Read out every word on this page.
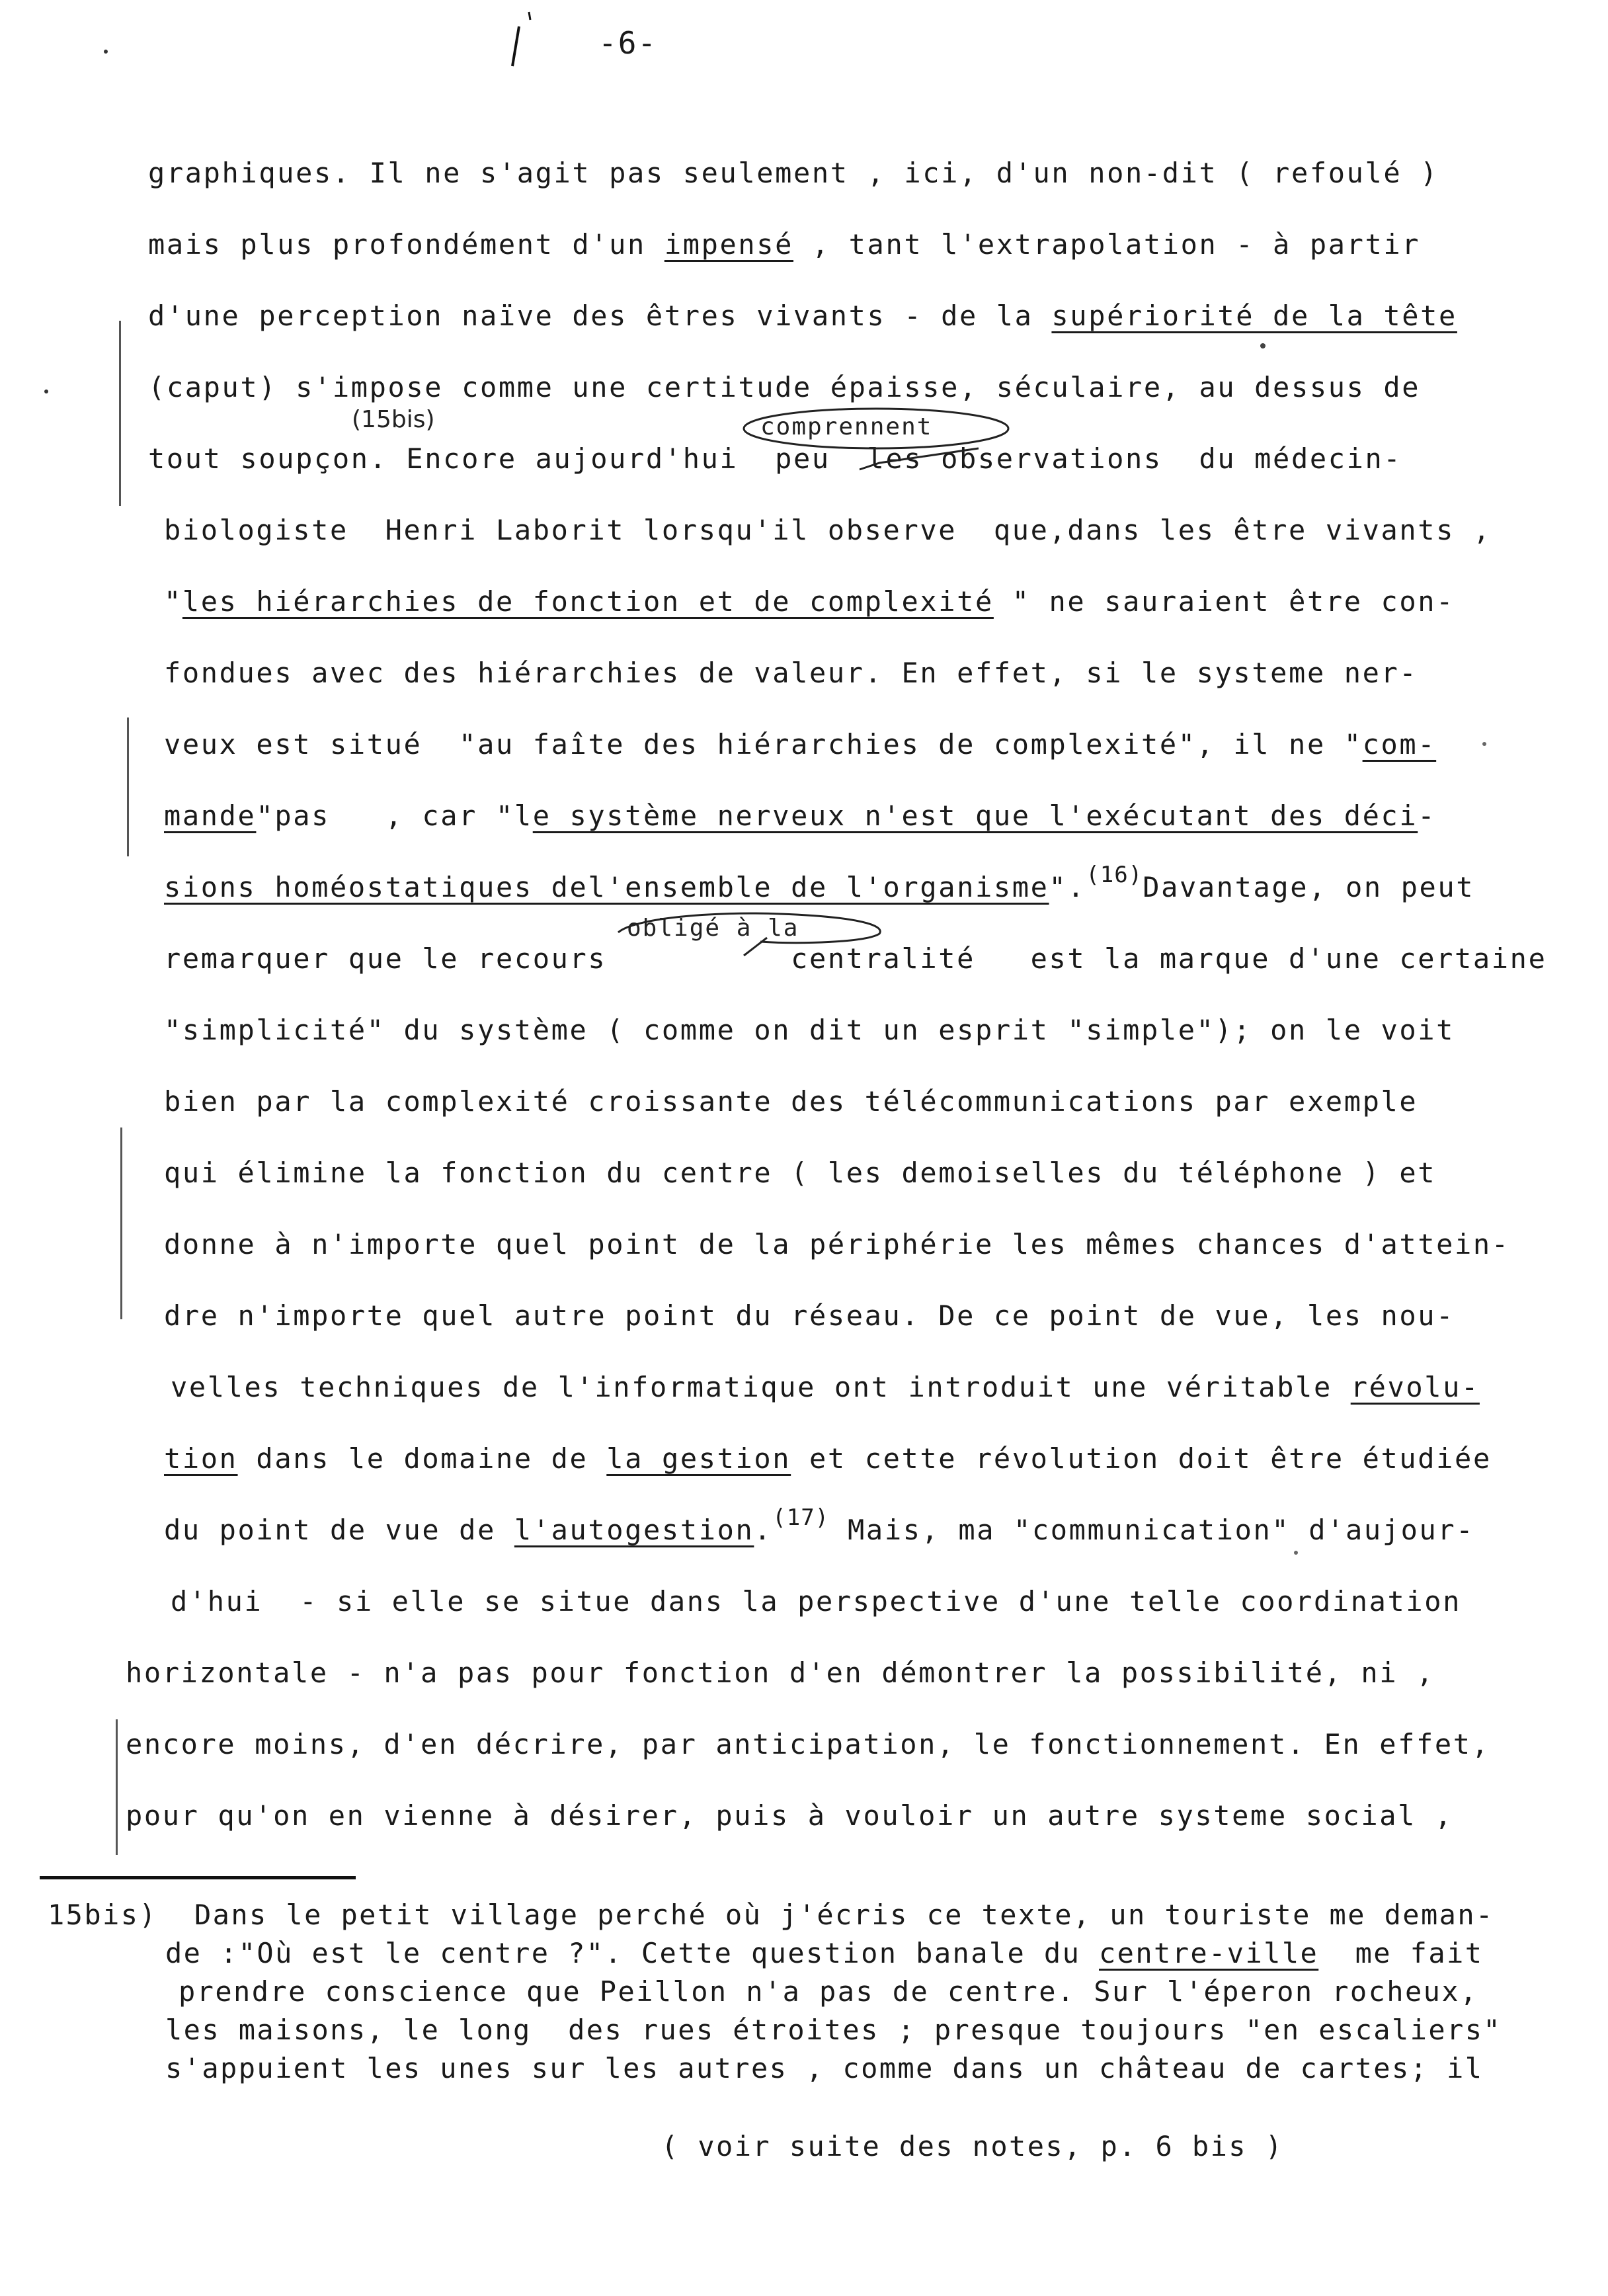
-6-
graphiques. Il ne s'agit pas seulement , ici, d'un non-dit ( refoulé )
mais plus profondément d'un impensé , tant l'extrapolation - à partir
d'une perception naïve des êtres vivants - de la supériorité de la tête
(caput) s'impose comme une certitude épaisse, séculaire, au dessus de
tout soupçon. Encore aujourd'hui  peu  les observations  du médecin-
biologiste  Henri Laborit lorsqu'il observe  que,dans les être vivants ,
"les hiérarchies de fonction et de complexité " ne sauraient être con-
fondues avec des hiérarchies de valeur. En effet, si le systeme ner-
veux est situé  "au faîte des hiérarchies de complexité", il ne "com-
mande"pas   , car "le système nerveux n'est que l'exécutant des déci-
sions homéostatiques del'ensemble de l'organisme".$^{(16)}$Davantage, on peut
remarquer que le recours          centralité   est la marque d'une certaine
"simplicité" du système ( comme on dit un esprit "simple"); on le voit
bien par la complexité croissante des télécommunications par exemple
qui élimine la fonction du centre ( les demoiselles du téléphone ) et
donne à n'importe quel point de la périphérie les mêmes chances d'attein-
dre n'importe quel autre point du réseau. De ce point de vue, les nou-
velles techniques de l'informatique ont introduit une véritable révolu-
tion dans le domaine de la gestion et cette révolution doit être étudiée
du point de vue de l'autogestion.$^{(17)}$ Mais, ma "communication" d'aujour-
d'hui  - si elle se situe dans la perspective d'une telle coordination
horizontale - n'a pas pour fonction d'en démontrer la possibilité, ni ,
encore moins, d'en décrire, par anticipation, le fonctionnement. En effet,
pour qu'on en vienne à désirer, puis à vouloir un autre systeme social ,
(15bis)	comprennent
obligé à la
15bis) Dans le petit village perché où j'écris ce texte, un touriste me deman-
de :"Où est le centre ?". Cette question banale du centre-ville  me fait
prendre conscience que Peillon n'a pas de centre. Sur l'éperon rocheux,
les maisons, le long  des rues étroites ; presque toujours "en escaliers"
s'appuient les unes sur les autres , comme dans un château de cartes; il
( voir suite des notes, p. 6 bis )
